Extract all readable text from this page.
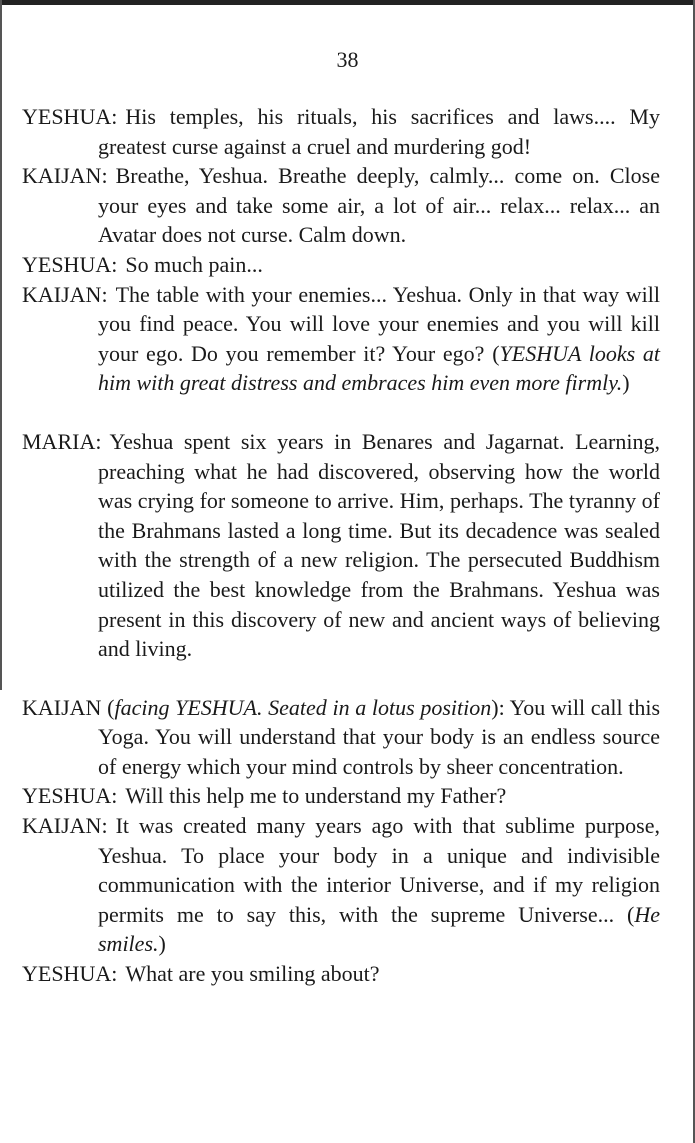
38

YESHUA: His temples, his rituals, his sacrifices and laws.... My greatest curse against a cruel and murdering god!

KAIJAN: Breathe, Yeshua. Breathe deeply, calmly... come on. Close your eyes and take some air, a lot of air... relax... relax... an Avatar does not curse. Calm down.

YESHUA: So much pain...

KAIJAN: The table with your enemies... Yeshua. Only in that way will you find peace. You will love your enemies and you will kill your ego. Do you remember it? Your ego? (YESHUA looks at him with great distress and embraces him even more firmly.)

MARIA: Yeshua spent six years in Benares and Jagarnat. Learning, preaching what he had discovered, observing how the world was crying for someone to arrive. Him, perhaps. The tyranny of the Brahmans lasted a long time. But its decadence was sealed with the strength of a new religion. The persecuted Buddhism utilized the best knowledge from the Brahmans. Yeshua was present in this discovery of new and ancient ways of believing and living.

KAIJAN (facing YESHUA. Seated in a lotus position): You will call this Yoga. You will understand that your body is an endless source of energy which your mind controls by sheer concentration.

YESHUA: Will this help me to understand my Father?

KAIJAN: It was created many years ago with that sublime purpose, Yeshua. To place your body in a unique and indivisible communication with the interior Universe, and if my religion permits me to say this, with the supreme Universe... (He smiles.)

YESHUA: What are you smiling about?
